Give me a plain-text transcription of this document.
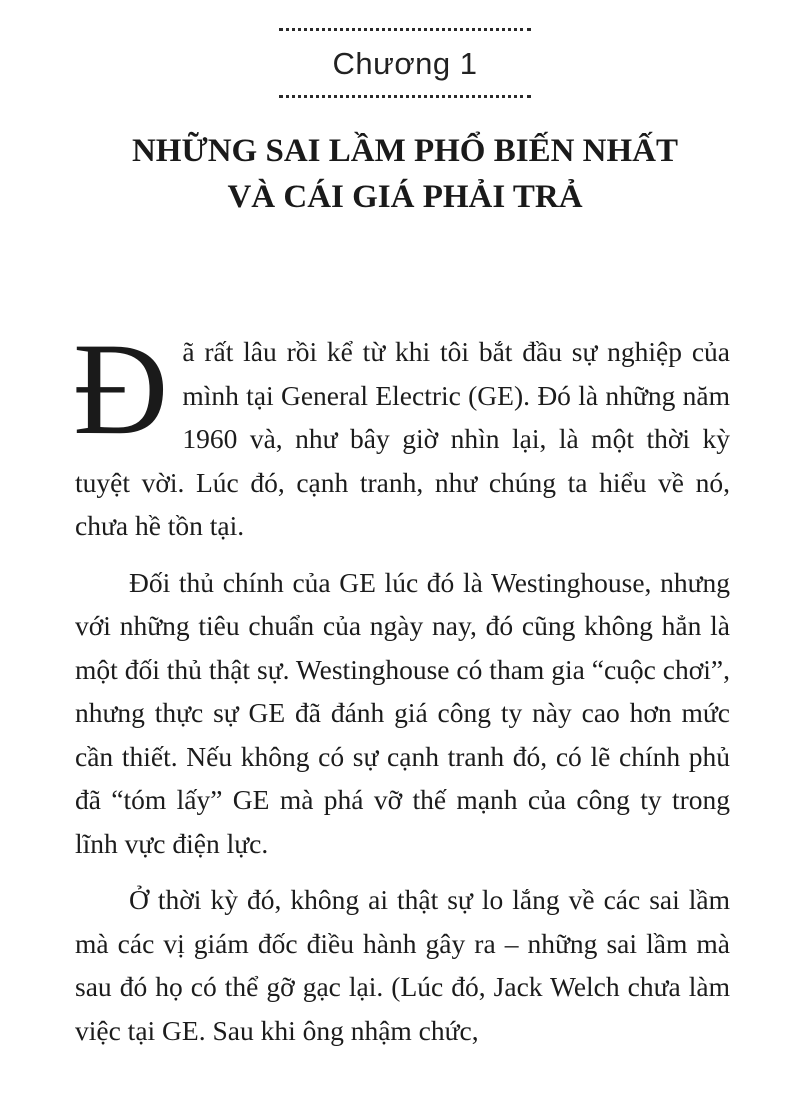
Chương 1
NHỮNG SAI LẦM PHỔ BIẾN NHẤT
VÀ CÁI GIÁ PHẢI TRẢ

Đã rất lâu rồi kể từ khi tôi bắt đầu sự nghiệp của mình tại General Electric (GE). Đó là những năm 1960 và, như bây giờ nhìn lại, là một thời kỳ tuyệt vời. Lúc đó, cạnh tranh, như chúng ta hiểu về nó, chưa hề tồn tại.

Đối thủ chính của GE lúc đó là Westinghouse, nhưng với những tiêu chuẩn của ngày nay, đó cũng không hẳn là một đối thủ thật sự. Westinghouse có tham gia “cuộc chơi”, nhưng thực sự GE đã đánh giá công ty này cao hơn mức cần thiết. Nếu không có sự cạnh tranh đó, có lẽ chính phủ đã “tóm lấy” GE mà phá vỡ thế mạnh của công ty trong lĩnh vực điện lực.

Ở thời kỳ đó, không ai thật sự lo lắng về các sai lầm mà các vị giám đốc điều hành gây ra – những sai lầm mà sau đó họ có thể gỡ gạc lại. (Lúc đó, Jack Welch chưa làm việc tại GE. Sau khi ông nhậm chức,
